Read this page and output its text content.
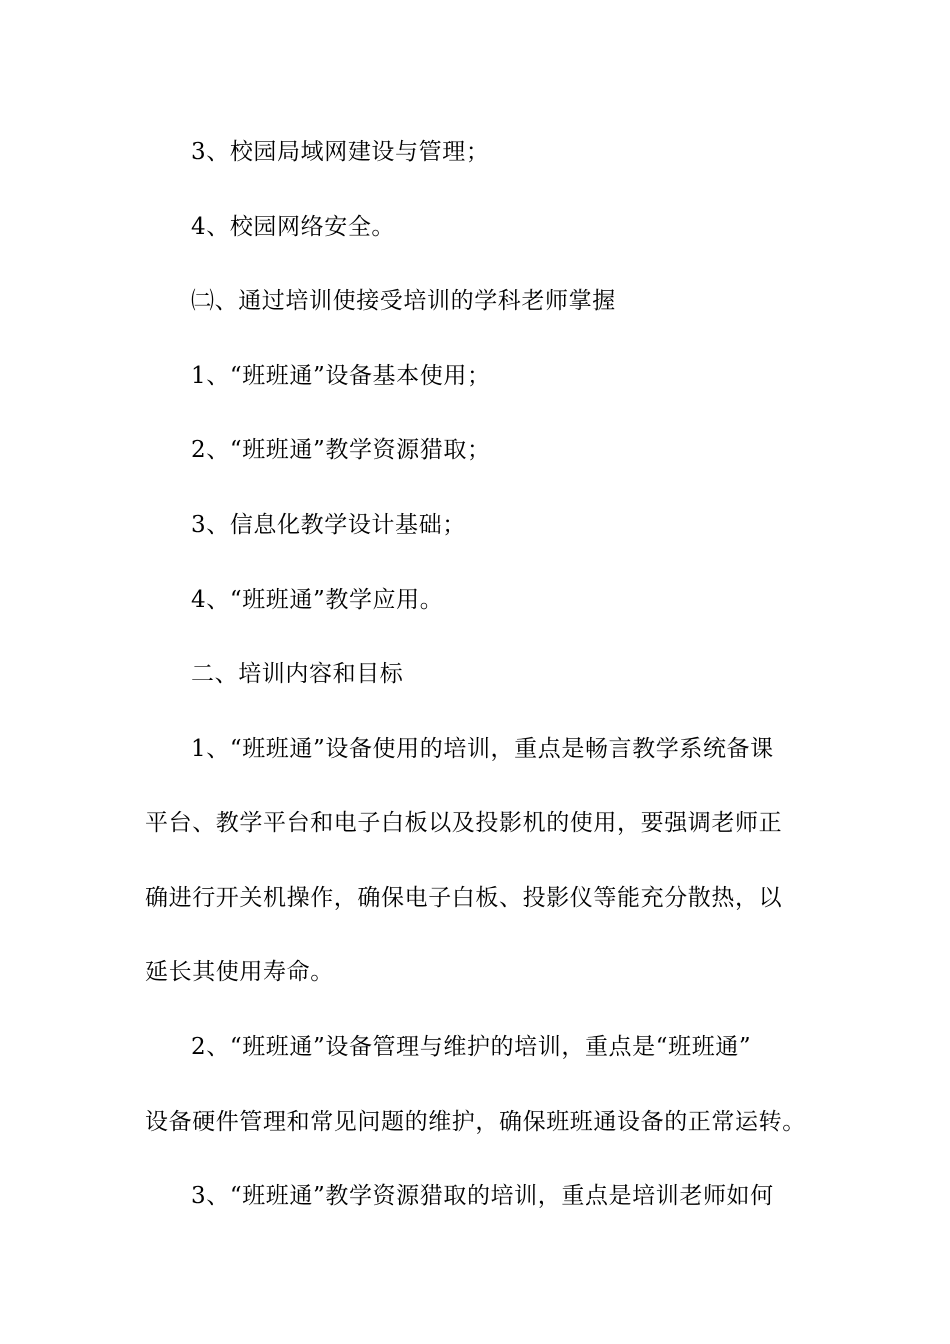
3、校园局域网建设与管理；
4、校园网络安全。
㈡、通过培训使接受培训的学科老师掌握
1、“班班通”设备基本使用；
2、“班班通”教学资源猎取；
3、信息化教学设计基础；
4、“班班通”教学应用。
二、培训内容和目标
1、“班班通”设备使用的培训，重点是畅言教学系统备课
平台、教学平台和电子白板以及投影机的使用，要强调老师正
确进行开关机操作，确保电子白板、投影仪等能充分散热，以
延长其使用寿命。
2、“班班通”设备管理与维护的培训，重点是“班班通”
设备硬件管理和常见问题的维护，确保班班通设备的正常运转。
3、“班班通”教学资源猎取的培训，重点是培训老师如何
